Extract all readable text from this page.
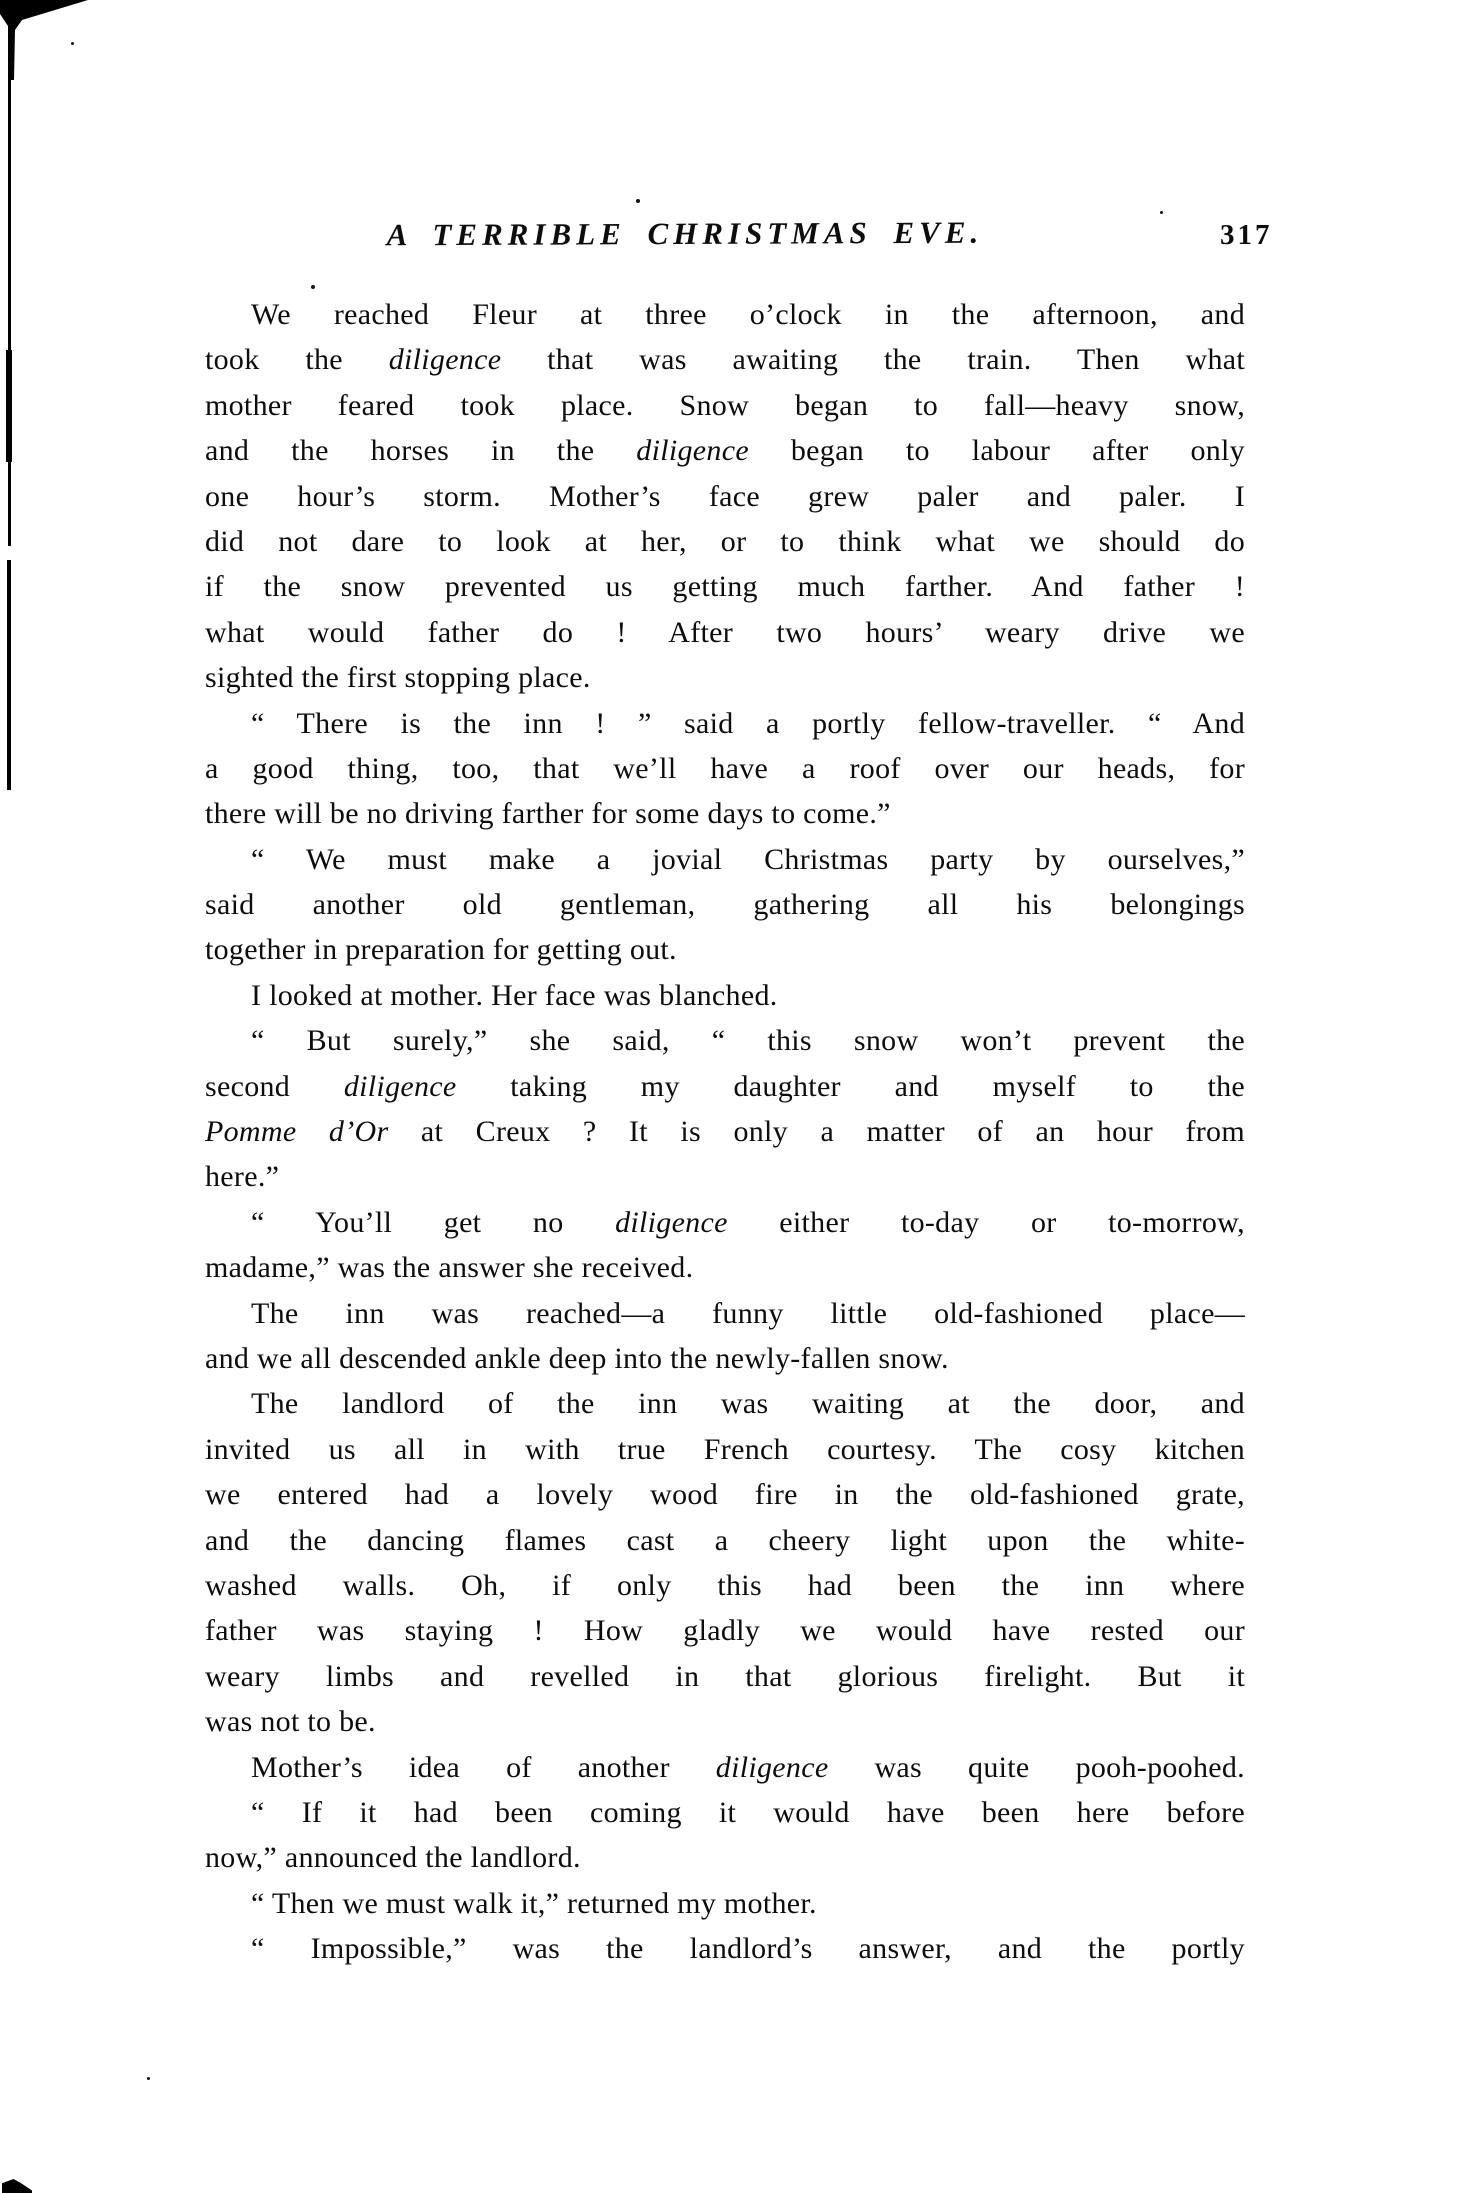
A TERRIBLE CHRISTMAS EVE.	317
We reached Fleur at three o’clock in the afternoon, and
took the diligence that was awaiting the train. Then what
mother feared took place. Snow began to fall—heavy snow,
and the horses in the diligence began to labour after only
one hour’s storm. Mother’s face grew paler and paler. I
did not dare to look at her, or to think what we should do
if the snow prevented us getting much farther. And father !
what would father do ! After two hours’ weary drive we
sighted the first stopping place.
“ There is the inn ! ” said a portly fellow-traveller. “ And
a good thing, too, that we’ll have a roof over our heads, for
there will be no driving farther for some days to come.”
“ We must make a jovial Christmas party by ourselves,”
said another old gentleman, gathering all his belongings
together in preparation for getting out.
I looked at mother. Her face was blanched.
“ But surely,” she said, “ this snow won’t prevent the
second diligence taking my daughter and myself to the
Pomme d’Or at Creux ? It is only a matter of an hour from
here.”
“ You’ll get no diligence either to-day or to-morrow,
madame,” was the answer she received.
The inn was reached—a funny little old-fashioned place—
and we all descended ankle deep into the newly-fallen snow.
The landlord of the inn was waiting at the door, and
invited us all in with true French courtesy. The cosy kitchen
we entered had a lovely wood fire in the old-fashioned grate,
and the dancing flames cast a cheery light upon the white-
washed walls. Oh, if only this had been the inn where
father was staying ! How gladly we would have rested our
weary limbs and revelled in that glorious firelight. But it
was not to be.
Mother’s idea of another diligence was quite pooh-poohed.
“ If it had been coming it would have been here before
now,” announced the landlord.
“ Then we must walk it,” returned my mother.
“ Impossible,” was the landlord’s answer, and the portly
